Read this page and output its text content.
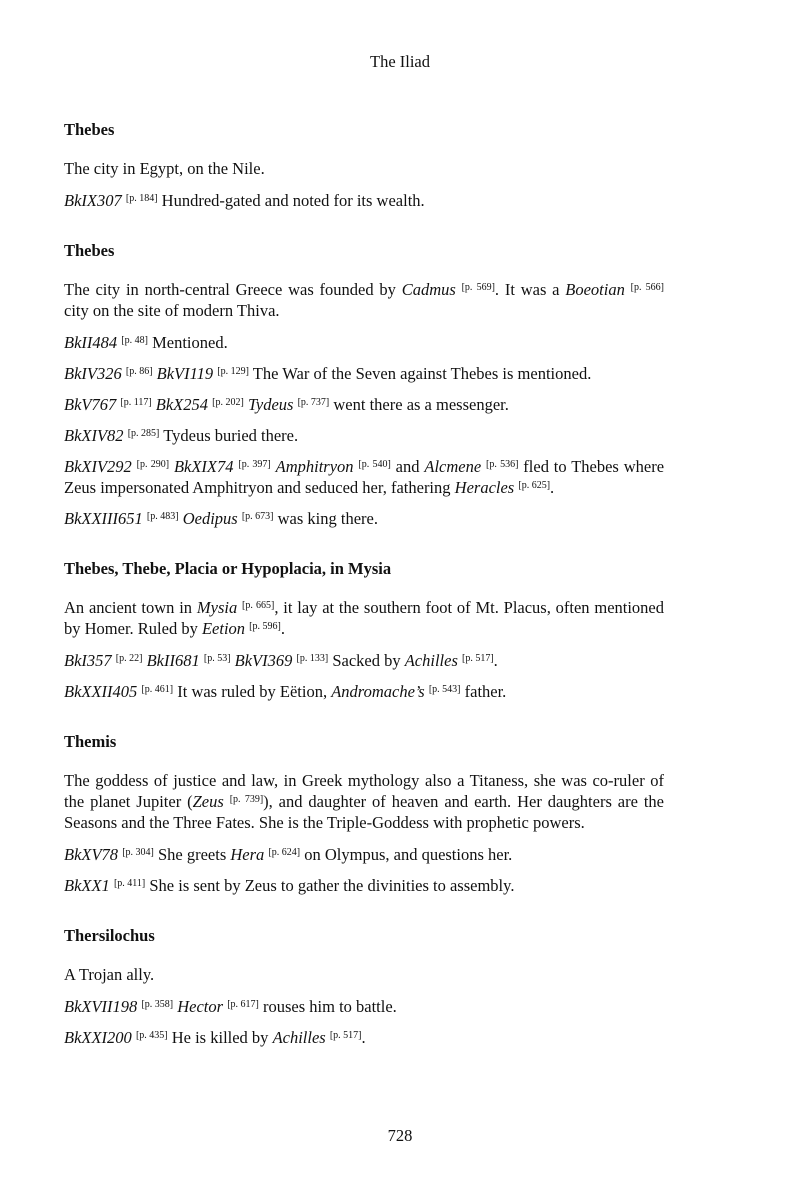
The Iliad
Thebes
The city in Egypt, on the Nile.
BkIX307 [p. 184] Hundred-gated and noted for its wealth.
Thebes
The city in north-central Greece was founded by Cadmus [p. 569]. It was a Boeotian [p. 566] city on the site of modern Thiva.
BkII484 [p. 48] Mentioned.
BkIV326 [p. 86] BkVI119 [p. 129] The War of the Seven against Thebes is mentioned.
BkV767 [p. 117] BkX254 [p. 202] Tydeus [p. 737] went there as a messenger.
BkXIV82 [p. 285] Tydeus buried there.
BkXIV292 [p. 290] BkXIX74 [p. 397] Amphitryon [p. 540] and Alcmene [p. 536] fled to Thebes where Zeus impersonated Amphitryon and seduced her, fathering Heracles [p. 625].
BkXXIII651 [p. 483] Oedipus [p. 673] was king there.
Thebes, Thebe, Placia or Hypoplacia, in Mysia
An ancient town in Mysia [p. 665], it lay at the southern foot of Mt. Placus, often mentioned by Homer. Ruled by Eetion [p. 596].
BkI357 [p. 22] BkII681 [p. 53] BkVI369 [p. 133] Sacked by Achilles [p. 517].
BkXXII405 [p. 461] It was ruled by Eëtion, Andromache’s [p. 543] father.
Themis
The goddess of justice and law, in Greek mythology also a Titaness, she was co-ruler of the planet Jupiter (Zeus [p. 739]), and daughter of heaven and earth. Her daughters are the Seasons and the Three Fates. She is the Triple-Goddess with prophetic powers.
BkXV78 [p. 304] She greets Hera [p. 624] on Olympus, and questions her.
BkXX1 [p. 411] She is sent by Zeus to gather the divinities to assembly.
Thersilochus
A Trojan ally.
BkXVII198 [p. 358] Hector [p. 617] rouses him to battle.
BkXXI200 [p. 435] He is killed by Achilles [p. 517].
728
